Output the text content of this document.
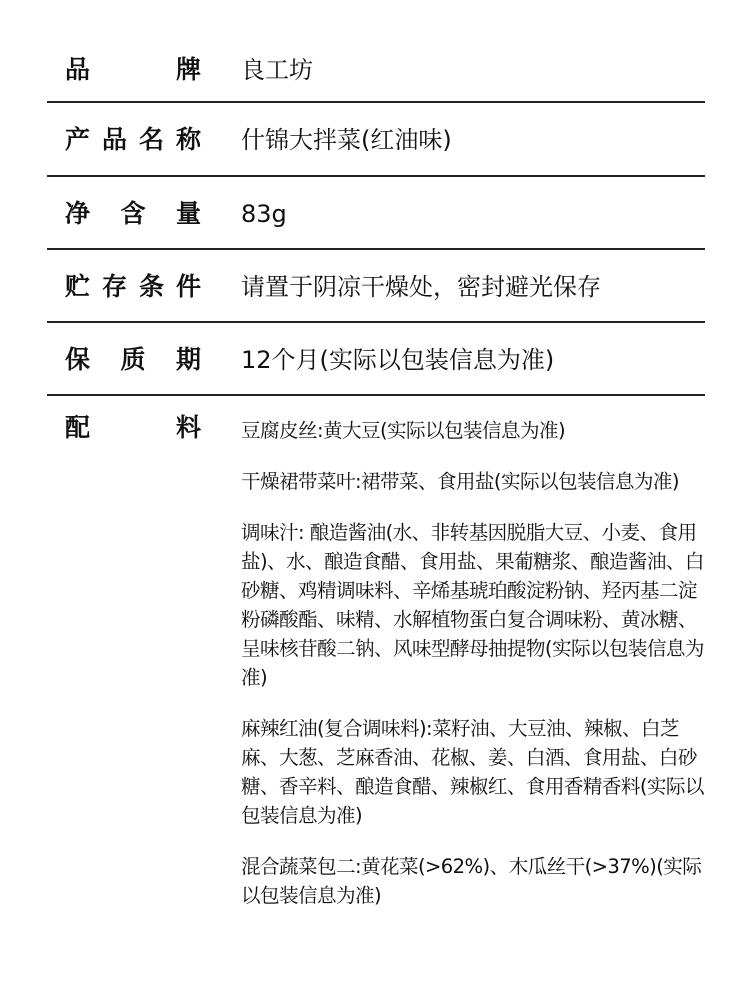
品	牌 良工坊
产 品 名 称 什锦大拌菜(红油味)
净 含 量 83g
贮 存 条 件 请置于阴凉干燥处，密封避光保存
保 质 期 12个月(实际以包装信息为准)
配	料 豆腐皮丝:黄大豆(实际以包装信息为准)

干燥裙带菜叶:裙带菜、食用盐(实际以包装信息为准)

调味汁: 酿造酱油(水、非转基因脱脂大豆、小麦、食用盐)、水、酿造食醋、食用盐、果葡糖浆、酿造酱油、白砂糖、鸡精调味料、辛烯基琥珀酸淀粉钠、羟丙基二淀粉磷酸酯、味精、水解植物蛋白复合调味粉、黄冰糖、呈味核苷酸二钠、风味型酵母抽提物(实际以包装信息为准)

麻辣红油(复合调味料):菜籽油、大豆油、辣椒、白芝麻、大葱、芝麻香油、花椒、姜、白酒、食用盐、白砂糖、香辛料、酿造食醋、辣椒红、食用香精香料(实际以包装信息为准)

混合蔬菜包二:黄花菜(>62%)、木瓜丝干(>37%)(实际以包装信息为准)
